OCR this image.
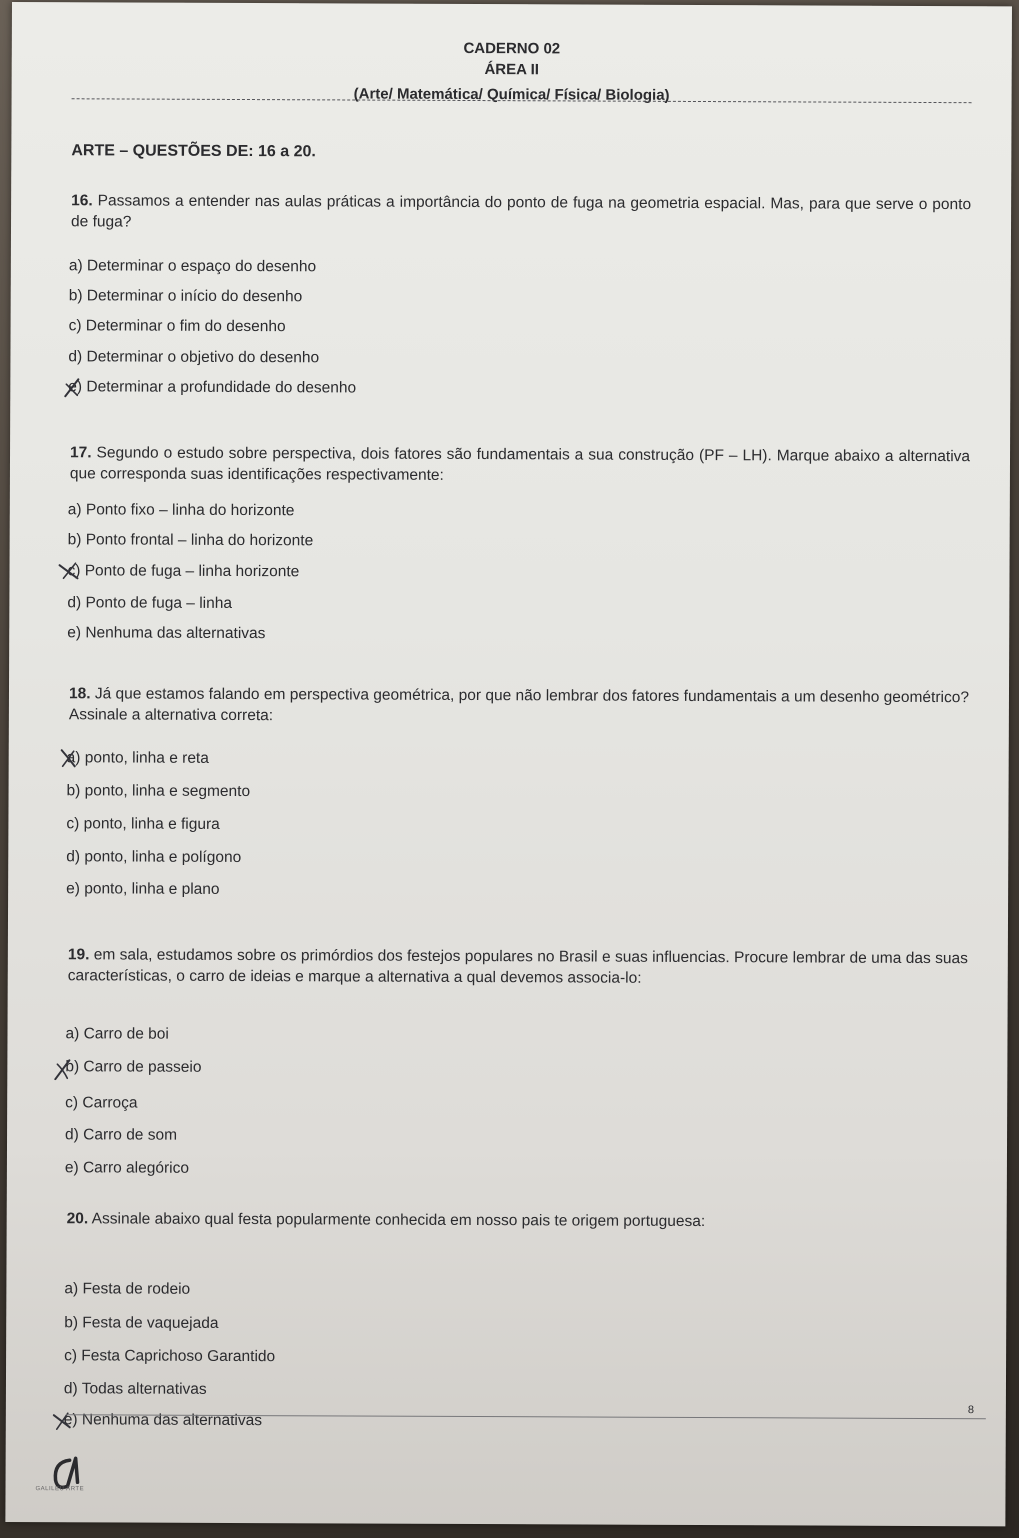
CADERNO 02
ÁREA II
(Arte/ Matemática/ Química/ Física/ Biologia)
ARTE – QUESTÕES DE: 16 a 20.
16. Passamos a entender nas aulas práticas a importância do ponto de fuga na geometria espacial. Mas, para que serve o ponto de fuga?
a) Determinar o espaço do desenho
b) Determinar o início do desenho
c) Determinar o fim do desenho
d) Determinar o objetivo do desenho
e) Determinar a profundidade do desenho
17. Segundo o estudo sobre perspectiva, dois fatores são fundamentais a sua construção (PF – LH). Marque abaixo a alternativa que corresponda suas identificações respectivamente:
a) Ponto fixo – linha do horizonte
b) Ponto frontal – linha do horizonte
c) Ponto de fuga – linha horizonte
d) Ponto de fuga – linha
e) Nenhuma das alternativas
18. Já que estamos falando em perspectiva geométrica, por que não lembrar dos fatores fundamentais a um desenho geométrico? Assinale a alternativa correta:
a) ponto, linha e reta
b) ponto, linha e segmento
c) ponto, linha e figura
d) ponto, linha e polígono
e) ponto, linha e plano
19. em sala, estudamos sobre os primórdios dos festejos populares no Brasil e suas influencias. Procure lembrar de uma das suas características, o carro de ideias e marque a alternativa a qual devemos associa-lo:
a) Carro de boi
b) Carro de passeio
c) Carroça
d) Carro de som
e) Carro alegórico
20. Assinale abaixo qual festa popularmente conhecida em nosso pais te origem portuguesa:
a) Festa de rodeio
b) Festa de vaquejada
c) Festa Caprichoso Garantido
d) Todas alternativas
e) Nenhuma das alternativas
8
GALILEU ARTE
